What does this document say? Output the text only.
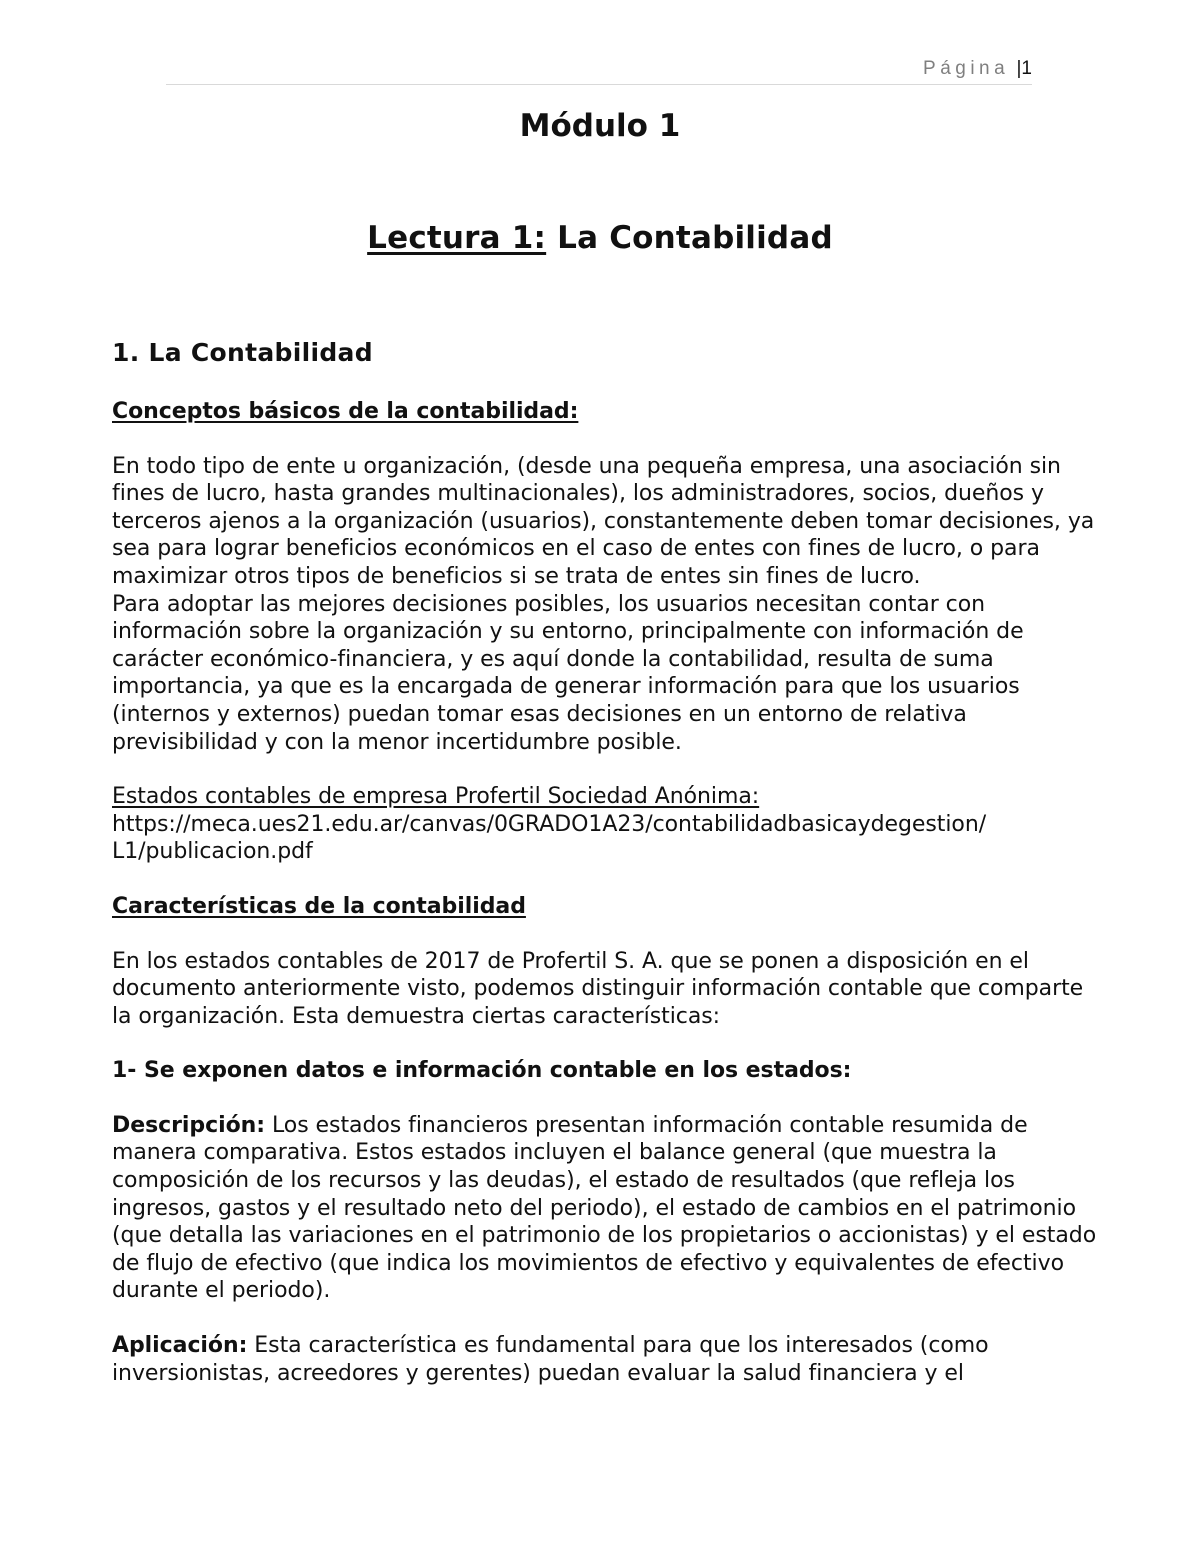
Página |1
Módulo 1
Lectura 1: La Contabilidad
1. La Contabilidad

Conceptos básicos de la contabilidad:

En todo tipo de ente u organización, (desde una pequeña empresa, una asociación sin fines de lucro, hasta grandes multinacionales), los administradores, socios, dueños y terceros ajenos a la organización (usuarios), constantemente deben tomar decisiones, ya sea para lograr beneficios económicos en el caso de entes con fines de lucro, o para maximizar otros tipos de beneficios si se trata de entes sin fines de lucro.

Para adoptar las mejores decisiones posibles, los usuarios necesitan contar con información sobre la organización y su entorno, principalmente con información de carácter económico-financiera, y es aquí donde la contabilidad, resulta de suma importancia, ya que es la encargada de generar información para que los usuarios (internos y externos) puedan tomar esas decisiones en un entorno de relativa previsibilidad y con la menor incertidumbre posible.

Estados contables de empresa Profertil Sociedad Anónima:

https://meca.ues21.edu.ar/canvas/0GRADO1A23/contabilidadbasicaydegestion/
L1/publicacion.pdf

Características de la contabilidad

En los estados contables de 2017 de Profertil S. A. que se ponen a disposición en el documento anteriormente visto, podemos distinguir información contable que comparte la organización. Esta demuestra ciertas características:

1- Se exponen datos e información contable en los estados:

Descripción: Los estados financieros presentan información contable resumida de manera comparativa. Estos estados incluyen el balance general (que muestra la composición de los recursos y las deudas), el estado de resultados (que refleja los ingresos, gastos y el resultado neto del periodo), el estado de cambios en el patrimonio (que detalla las variaciones en el patrimonio de los propietarios o accionistas) y el estado de flujo de efectivo (que indica los movimientos de efectivo y equivalentes de efectivo durante el periodo).

Aplicación: Esta característica es fundamental para que los interesados (como inversionistas, acreedores y gerentes) puedan evaluar la salud financiera y el
